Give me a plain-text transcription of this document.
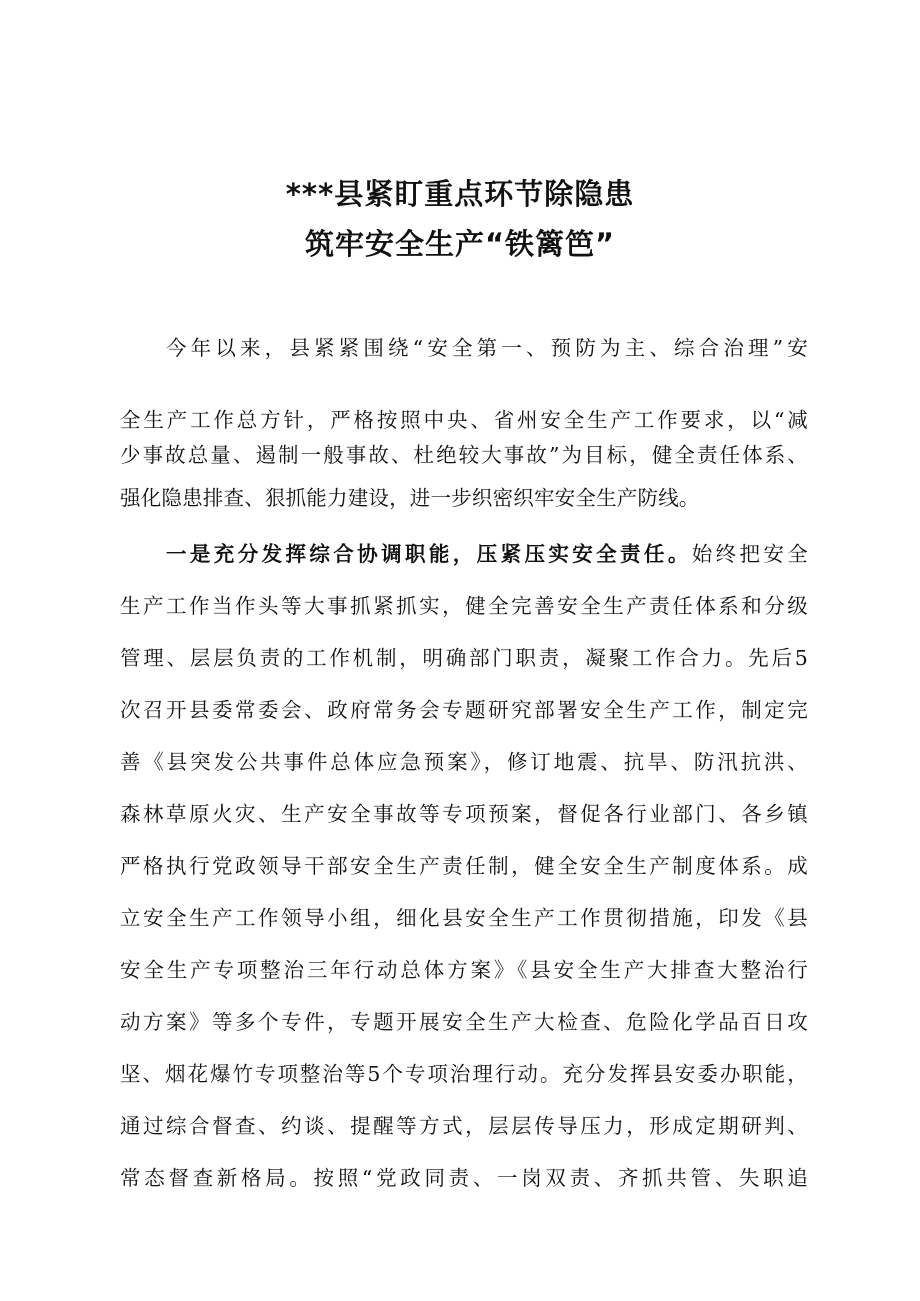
***县紧盯重点环节除隐患
筑牢安全生产“铁篱笆”
今年以来，县紧紧围绕“安全第一、预防为主、综合治理”安
全生产工作总方针，严格按照中央、省州安全生产工作要求，以“减
少事故总量、遏制一般事故、杜绝较大事故”为目标，健全责任体系、
强化隐患排查、狠抓能力建设，进一步织密织牢安全生产防线。
一是充分发挥综合协调职能，压紧压实安全责任。始终把安全
生产工作当作头等大事抓紧抓实，健全完善安全生产责任体系和分级
管理、层层负责的工作机制，明确部门职责，凝聚工作合力。先后5
次召开县委常委会、政府常务会专题研究部署安全生产工作，制定完
善《县突发公共事件总体应急预案》，修订地震、抗旱、防汛抗洪、
森林草原火灾、生产安全事故等专项预案，督促各行业部门、各乡镇
严格执行党政领导干部安全生产责任制，健全安全生产制度体系。成
立安全生产工作领导小组，细化县安全生产工作贯彻措施，印发《县
安全生产专项整治三年行动总体方案》《县安全生产大排查大整治行
动方案》等多个专件，专题开展安全生产大检查、危险化学品百日攻
坚、烟花爆竹专项整治等5个专项治理行动。充分发挥县安委办职能，
通过综合督查、约谈、提醒等方式，层层传导压力，形成定期研判、
常态督查新格局。按照“党政同责、一岗双责、齐抓共管、失职追
